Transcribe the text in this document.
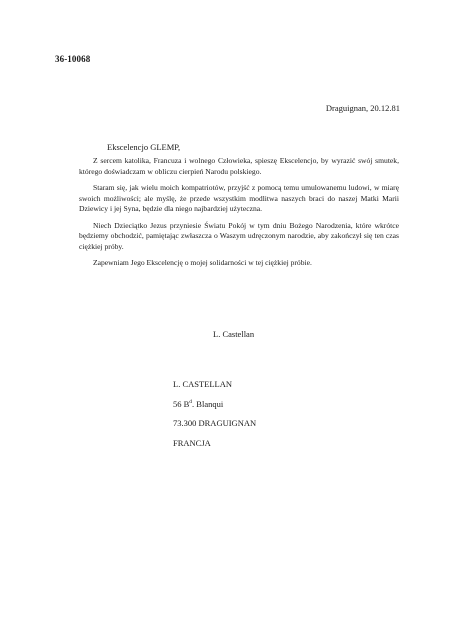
36-10068
Draguignan, 20.12.81
Ekscelencjo GLEMP,

Z sercem katolika, Francuza i wolnego Człowieka, spieszę Ekscelencjo, by wyrazić swój smutek, którego doświadczam w obliczu cierpień Narodu polskiego.

Staram się, jak wielu moich kompatriotów, przyjść z pomocą temu umulowanemu ludowi, w miarę swoich możliwości; ale myślę, że przede wszystkim modlitwa naszych braci do naszej Matki Marii Dziewicy i jej Syna, będzie dla niego najbardziej użyteczna.

Niech Dzieciątko Jezus przyniesie Światu Pokój w tym dniu Bożego Narodzenia, które wkrótce będziemy obchodzić, pamiętając zwłaszcza o Waszym udręczonym narodzie, aby zakończył się ten czas ciężkiej próby.

Zapewniam Jego Ekscelencję o mojej solidarności w tej ciężkiej próbie.

L. Castellan
L. CASTELLAN
56 $B^d$. Blanqui
73.300 DRAGUIGNAN
FRANCJA
